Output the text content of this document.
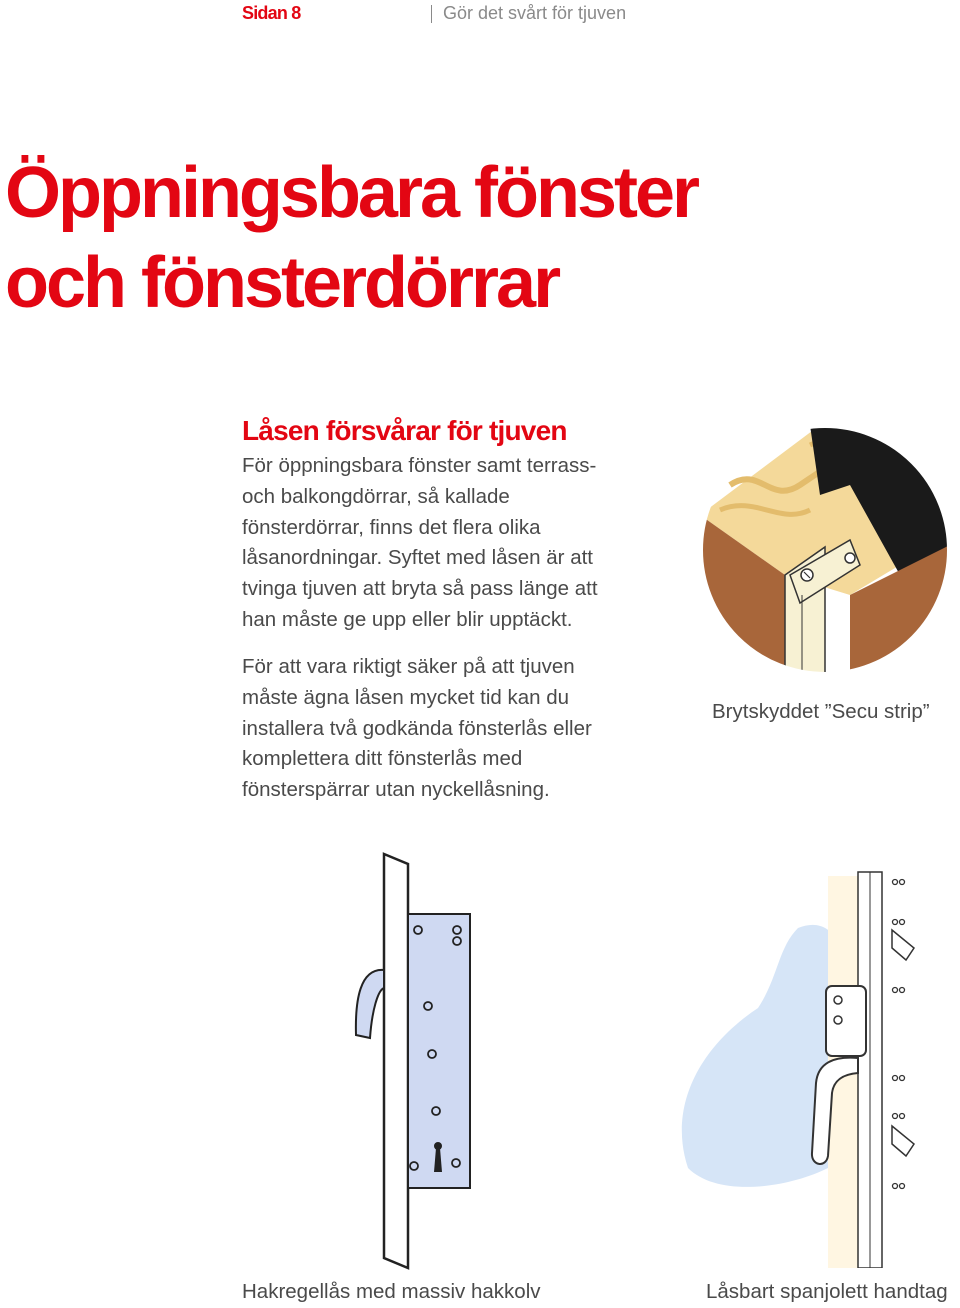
Sidan 8	Gör det svårt för tjuven
Öppningsbara fönster
och fönsterdörrar
Låsen försvårar för tjuven

För öppningsbara fönster samt terrass- och balkongdörrar, så kallade fönsterdörrar, finns det flera olika låsanordningar. Syftet med låsen är att tvinga tjuven att bryta så pass länge att han måste ge upp eller blir upptäckt.

För att vara riktigt säker på att tjuven måste ägna låsen mycket tid kan du installera två godkända fönsterlås eller komplettera ditt fönsterlås med fönsterspärrar utan nyckellåsning.

Brytskyddet ”Secu strip”
Hakregellås med massiv hakkolv	Låsbart spanjolett handtag
